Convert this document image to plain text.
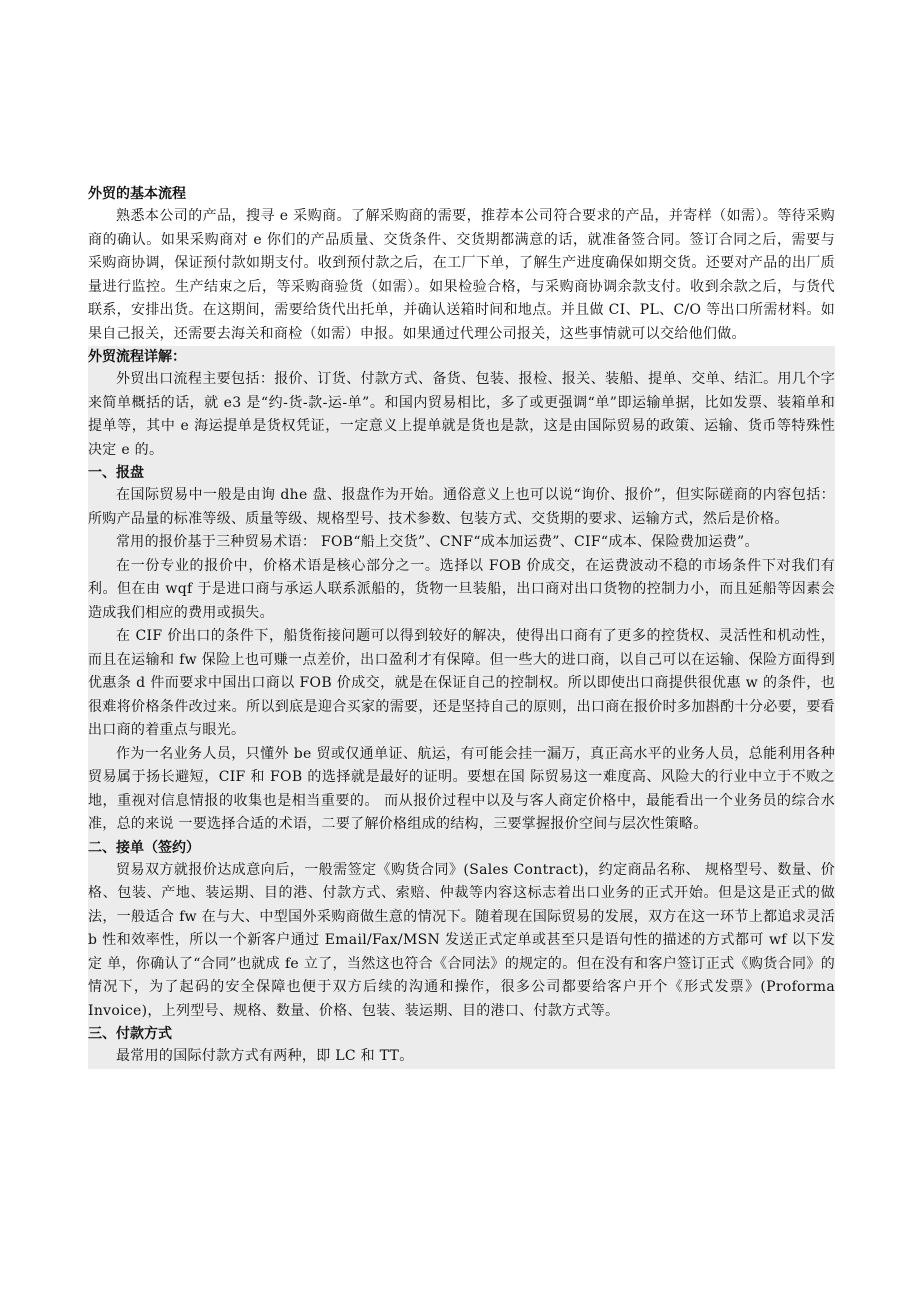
外贸的基本流程

熟悉本公司的产品，搜寻 e 采购商。了解采购商的需要，推荐本公司符合要求的产品，并寄样（如需）。等待采购商的确认。如果采购商对 e 你们的产品质量、交货条件、交货期都满意的话，就准备签合同。签订合同之后，需要与采购商协调，保证预付款如期支付。收到预付款之后，在工厂下单，了解生产进度确保如期交货。还要对产品的出厂质量进行监控。生产结束之后，等采购商验货（如需）。如果检验合格，与采购商协调余款支付。收到余款之后，与货代联系，安排出货。在这期间，需要给货代出托单，并确认送箱时间和地点。并且做 CI、PL、C/O 等出口所需材料。如果自己报关，还需要去海关和商检（如需）申报。如果通过代理公司报关，这些事情就可以交给他们做。

外贸流程详解：

外贸出口流程主要包括：报价、订货、付款方式、备货、包装、报检、报关、装船、提单、交单、结汇。用几个字来简单概括的话，就 e3 是“约-货-款-运-单”。和国内贸易相比，多了或更强调“单”即运输单据，比如发票、装箱单和提单等，其中 e 海运提单是货权凭证，一定意义上提单就是货也是款，这是由国际贸易的政策、运输、货币等特殊性决定 e 的。

一、报盘

在国际贸易中一般是由询 dhe 盘、报盘作为开始。通俗意义上也可以说“询价、报价”，但实际磋商的内容包括：所购产品量的标准等级、质量等级、规格型号、技术参数、包装方式、交货期的要求、运输方式，然后是价格。

常用的报价基于三种贸易术语： FOB“船上交货”、CNF“成本加运费”、CIF“成本、保险费加运费”。

在一份专业的报价中，价格术语是核心部分之一。选择以 FOB 价成交，在运费波动不稳的市场条件下对我们有利。但在由 wqf 于是进口商与承运人联系派船的，货物一旦装船，出口商对出口货物的控制力小，而且延船等因素会造成我们相应的费用或损失。

在 CIF 价出口的条件下，船货衔接问题可以得到较好的解决，使得出口商有了更多的控货权、灵活性和机动性，而且在运输和 fw 保险上也可赚一点差价，出口盈利才有保障。但一些大的进口商，以自己可以在运输、保险方面得到优惠条 d 件而要求中国出口商以 FOB 价成交，就是在保证自己的控制权。所以即使出口商提供很优惠 w 的条件，也很难将价格条件改过来。所以到底是迎合买家的需要，还是坚持自己的原则，出口商在报价时多加斟酌十分必要，要看出口商的着重点与眼光。

作为一名业务人员，只懂外 be 贸或仅通单证、航运，有可能会挂一漏万，真正高水平的业务人员，总能利用各种贸易属于扬长避短，CIF 和 FOB 的选择就是最好的证明。要想在国 际贸易这一难度高、风险大的行业中立于不败之地，重视对信息情报的收集也是相当重要的。 而从报价过程中以及与客人商定价格中，最能看出一个业务员的综合水准，总的来说 一要选择合适的术语，二要了解价格组成的结构，三要掌握报价空间与层次性策略。

二、接单（签约）

贸易双方就报价达成意向后，一般需签定《购货合同》(Sales Contract)，约定商品名称、 规格型号、数量、价格、包装、产地、装运期、目的港、付款方式、索赔、仲裁等内容这标志着出口业务的正式开始。但是这是正式的做法，一般适合 fw 在与大、中型国外采购商做生意的情况下。随着现在国际贸易的发展，双方在这一环节上都追求灵活 b 性和效率性，所以一个新客户通过 Email/Fax/MSN 发送正式定单或甚至只是语句性的描述的方式都可 wf 以下发定 单，你确认了“合同”也就成 fe 立了，当然这也符合《合同法》的规定的。但在没有和客户签订正式《购货合同》的情况下，为了起码的安全保障也便于双方后续的沟通和操作，很多公司都要给客户开个《形式发票》(Proforma Invoice)，上列型号、规格、数量、价格、包装、装运期、目的港口、付款方式等。

三、付款方式

最常用的国际付款方式有两种，即 LC 和 TT。
